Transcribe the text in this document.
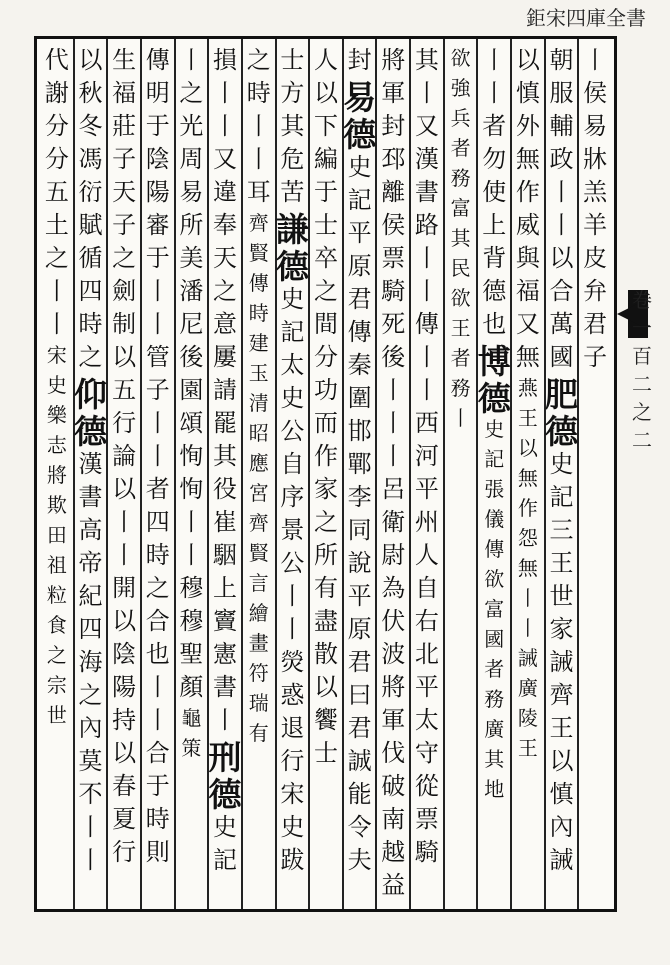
鉅 宋 四 庫 全 書
卷
一
百
二
之
二
丨
侯
易
牀
羔
羊
皮
弁
君
子
朝
服
輔
政
丨
丨
以
合
萬
國
肥
德
史
記
三
王
世
家
誡
齊
王
以
慎
內
誡
以
慎
外
無
作
威
與
福
又
無
燕
王
以
無
作
怨
無
丨
丨
誡
廣
陵
王
丨
丨
者
勿
使
上
背
德
也
博
德
史
記
張
儀
傳
欲
富
國
者
務
廣
其
地
欲
強
兵
者
務
富
其
民
欲
王
者
務
丨
其
丨
又
漢
書
路
丨
丨
傳
丨
丨
西
河
平
州
人
自
右
北
平
太
守
從
票
騎
將
軍
封
邳
離
侯
票
騎
死
後
丨
丨
丨
呂
衛
尉
為
伏
波
將
軍
伐
破
南
越
益
封
易
德
史
記
平
原
君
傳
秦
圍
邯
鄲
李
同
說
平
原
君
曰
君
誠
能
令
夫
人
以
下
編
于
士
卒
之
間
分
功
而
作
家
之
所
有
盡
散
以
饗
士
士
方
其
危
苦
謙
德
史
記
太
史
公
自
序
景
公
丨
丨
熒
惑
退
行
宋
史
跋
之
時
丨
丨
耳
齊
賢
傳
時
建
玉
清
昭
應
宮
齊
賢
言
繪
畫
符
瑞
有
損
丨
丨
又
違
奉
天
之
意
屢
請
罷
其
役
崔
駰
上
竇
憲
書
丨
刑
德
史
記
丨
之
光
周
易
所
美
潘
尼
後
園
頌
恂
恂
丨
丨
穆
穆
聖
顏
龜
策
傳
明
于
陰
陽
審
于
丨
丨
管
子
丨
丨
者
四
時
之
合
也
丨
丨
合
于
時
則
生
福
莊
子
天
子
之
劍
制
以
五
行
論
以
丨
丨
開
以
陰
陽
持
以
春
夏
行
以
秋
冬
馮
衍
賦
循
四
時
之
仰
德
漢
書
高
帝
紀
四
海
之
內
莫
不
丨
丨
代
謝
分
分
五
土
之
丨
丨
宋
史
樂
志
將
欺
田
祖
粒
食
之
宗
世
